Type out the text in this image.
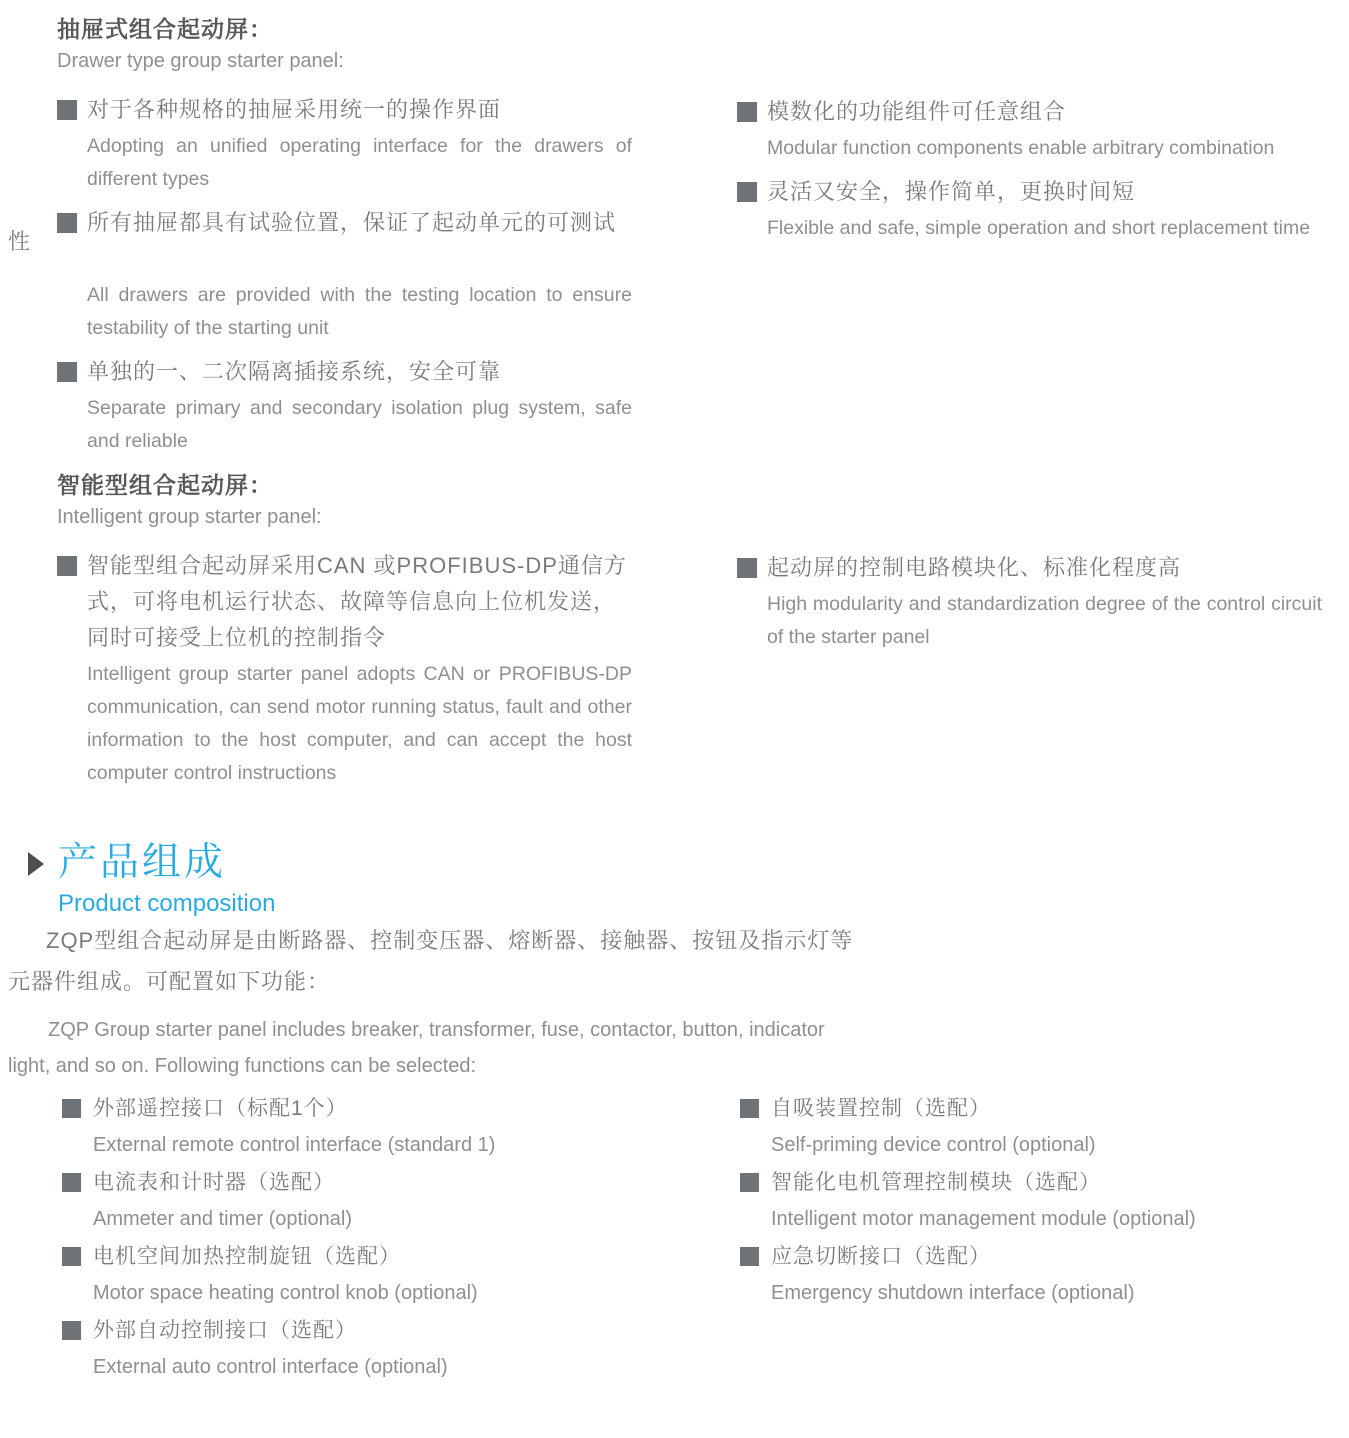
抽屉式组合起动屏：
Drawer type group starter panel:
对于各种规格的抽屉采用统一的操作界面

Adopting an unified operating interface for the drawers of different types

所有抽屉都具有试验位置，保证了起动单元的可测试

All drawers are provided with the testing location to ensure testability of the starting unit

单独的一、二次隔离插接系统，安全可靠

Separate primary and secondary isolation plug system, safe and reliable

模数化的功能组件可任意组合

Modular function components enable arbitrary combination

灵活又安全，操作简单，更换时间短

Flexible and safe, simple operation and short replacement time

性
智能型组合起动屏：
Intelligent group starter panel:
智能型组合起动屏采用CAN 或PROFIBUS-DP通信方式，可将电机运行状态、故障等信息向上位机发送，同时可接受上位机的控制指令

Intelligent group starter panel adopts CAN or PROFIBUS-DP communication, can send motor running status, fault and other information to the host computer, and can accept the host computer control instructions

起动屏的控制电路模块化、标准化程度高

High modularity and standardization degree of the control circuit of the starter panel

产品组成
Product composition
ZQP型组合起动屏是由断路器、控制变压器、熔断器、接触器、按钮及指示灯等
元器件组成。可配置如下功能：
ZQP Group starter panel includes breaker, transformer, fuse, contactor, button, indicator
light, and so on. Following functions can be selected:
外部遥控接口（标配1个）

External remote control interface (standard 1)

电流表和计时器（选配）

Ammeter and timer (optional)

电机空间加热控制旋钮（选配）

Motor space heating control knob (optional)

外部自动控制接口（选配）

External auto control interface (optional)

自吸装置控制（选配）

Self-priming device control (optional)

智能化电机管理控制模块（选配）

Intelligent motor management module (optional)

应急切断接口（选配）

Emergency shutdown interface (optional)
